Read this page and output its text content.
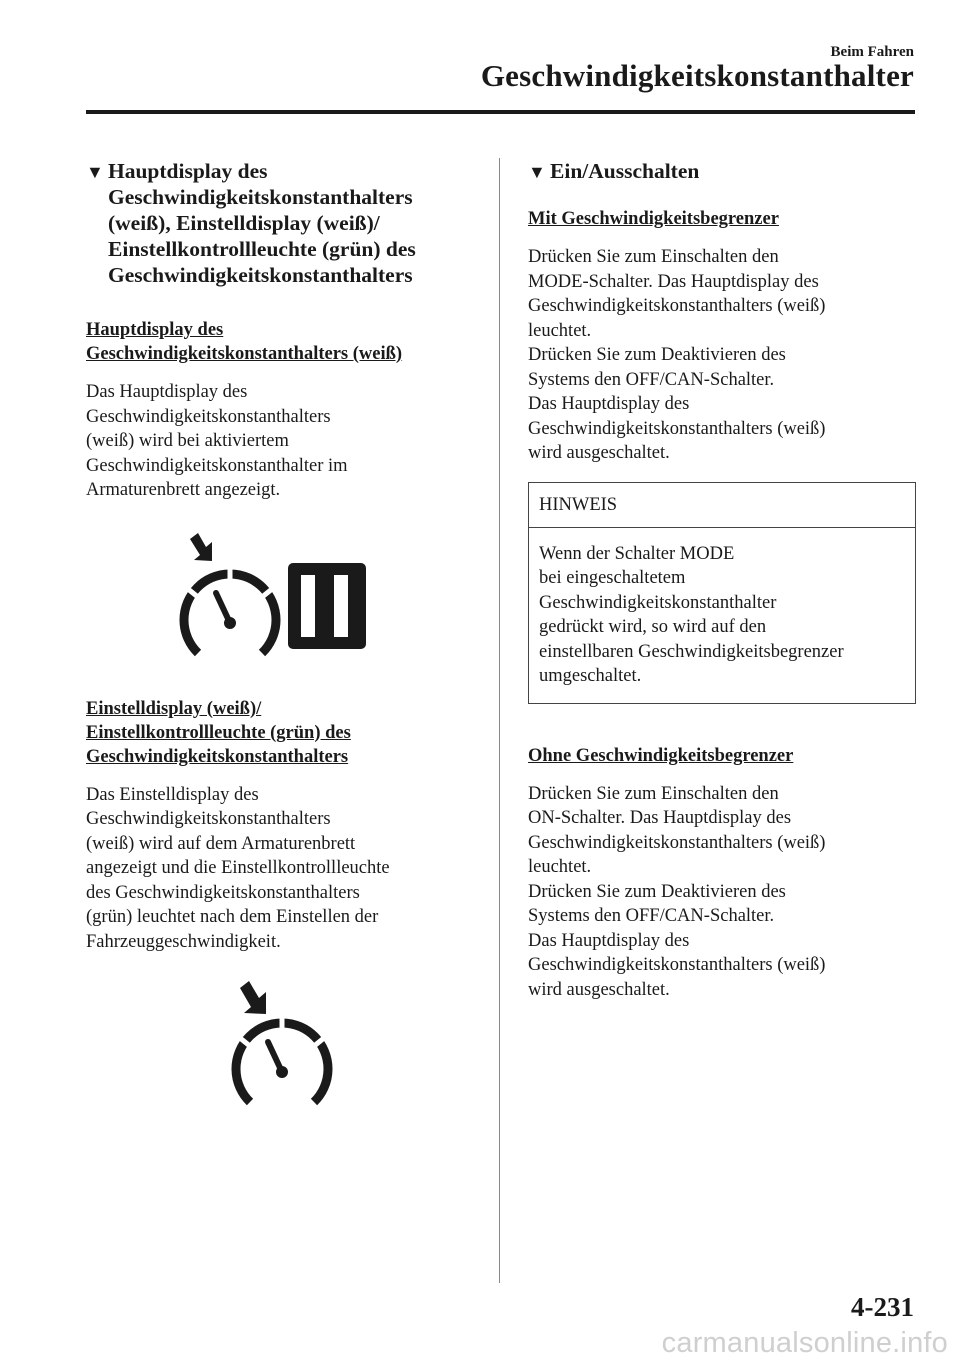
Beim Fahren
Geschwindigkeitskonstanthalter
▼ Hauptdisplay des
Geschwindigkeitskonstanthalters
(weiß), Einstelldisplay (weiß)/
Einstellkontrollleuchte (grün) des
Geschwindigkeitskonstanthalters
Hauptdisplay des
Geschwindigkeitskonstanthalters (weiß)

Das Hauptdisplay des
Geschwindigkeitskonstanthalters
(weiß) wird bei aktiviertem
Geschwindigkeitskonstanthalter im
Armaturenbrett angezeigt.

Einstelldisplay (weiß)/
Einstellkontrollleuchte (grün) des
Geschwindigkeitskonstanthalters

Das Einstelldisplay des
Geschwindigkeitskonstanthalters
(weiß) wird auf dem Armaturenbrett
angezeigt und die Einstellkontrollleuchte
des Geschwindigkeitskonstanthalters
(grün) leuchtet nach dem Einstellen der
Fahrzeuggeschwindigkeit.

▼ Ein/Ausschalten
Mit Geschwindigkeitsbegrenzer

Drücken Sie zum Einschalten den
MODE-Schalter. Das Hauptdisplay des
Geschwindigkeitskonstanthalters (weiß)
leuchtet.
Drücken Sie zum Deaktivieren des
Systems den OFF/CAN-Schalter.
Das Hauptdisplay des
Geschwindigkeitskonstanthalters (weiß)
wird ausgeschaltet.

HINWEIS
Wenn der Schalter MODE
bei eingeschaltetem
Geschwindigkeitskonstanthalter
gedrückt wird, so wird auf den
einstellbaren Geschwindigkeitsbegrenzer
umgeschaltet.
Ohne Geschwindigkeitsbegrenzer

Drücken Sie zum Einschalten den
ON-Schalter. Das Hauptdisplay des
Geschwindigkeitskonstanthalters (weiß)
leuchtet.
Drücken Sie zum Deaktivieren des
Systems den OFF/CAN-Schalter.
Das Hauptdisplay des
Geschwindigkeitskonstanthalters (weiß)
wird ausgeschaltet.

4-231
carmanualsonline.info
